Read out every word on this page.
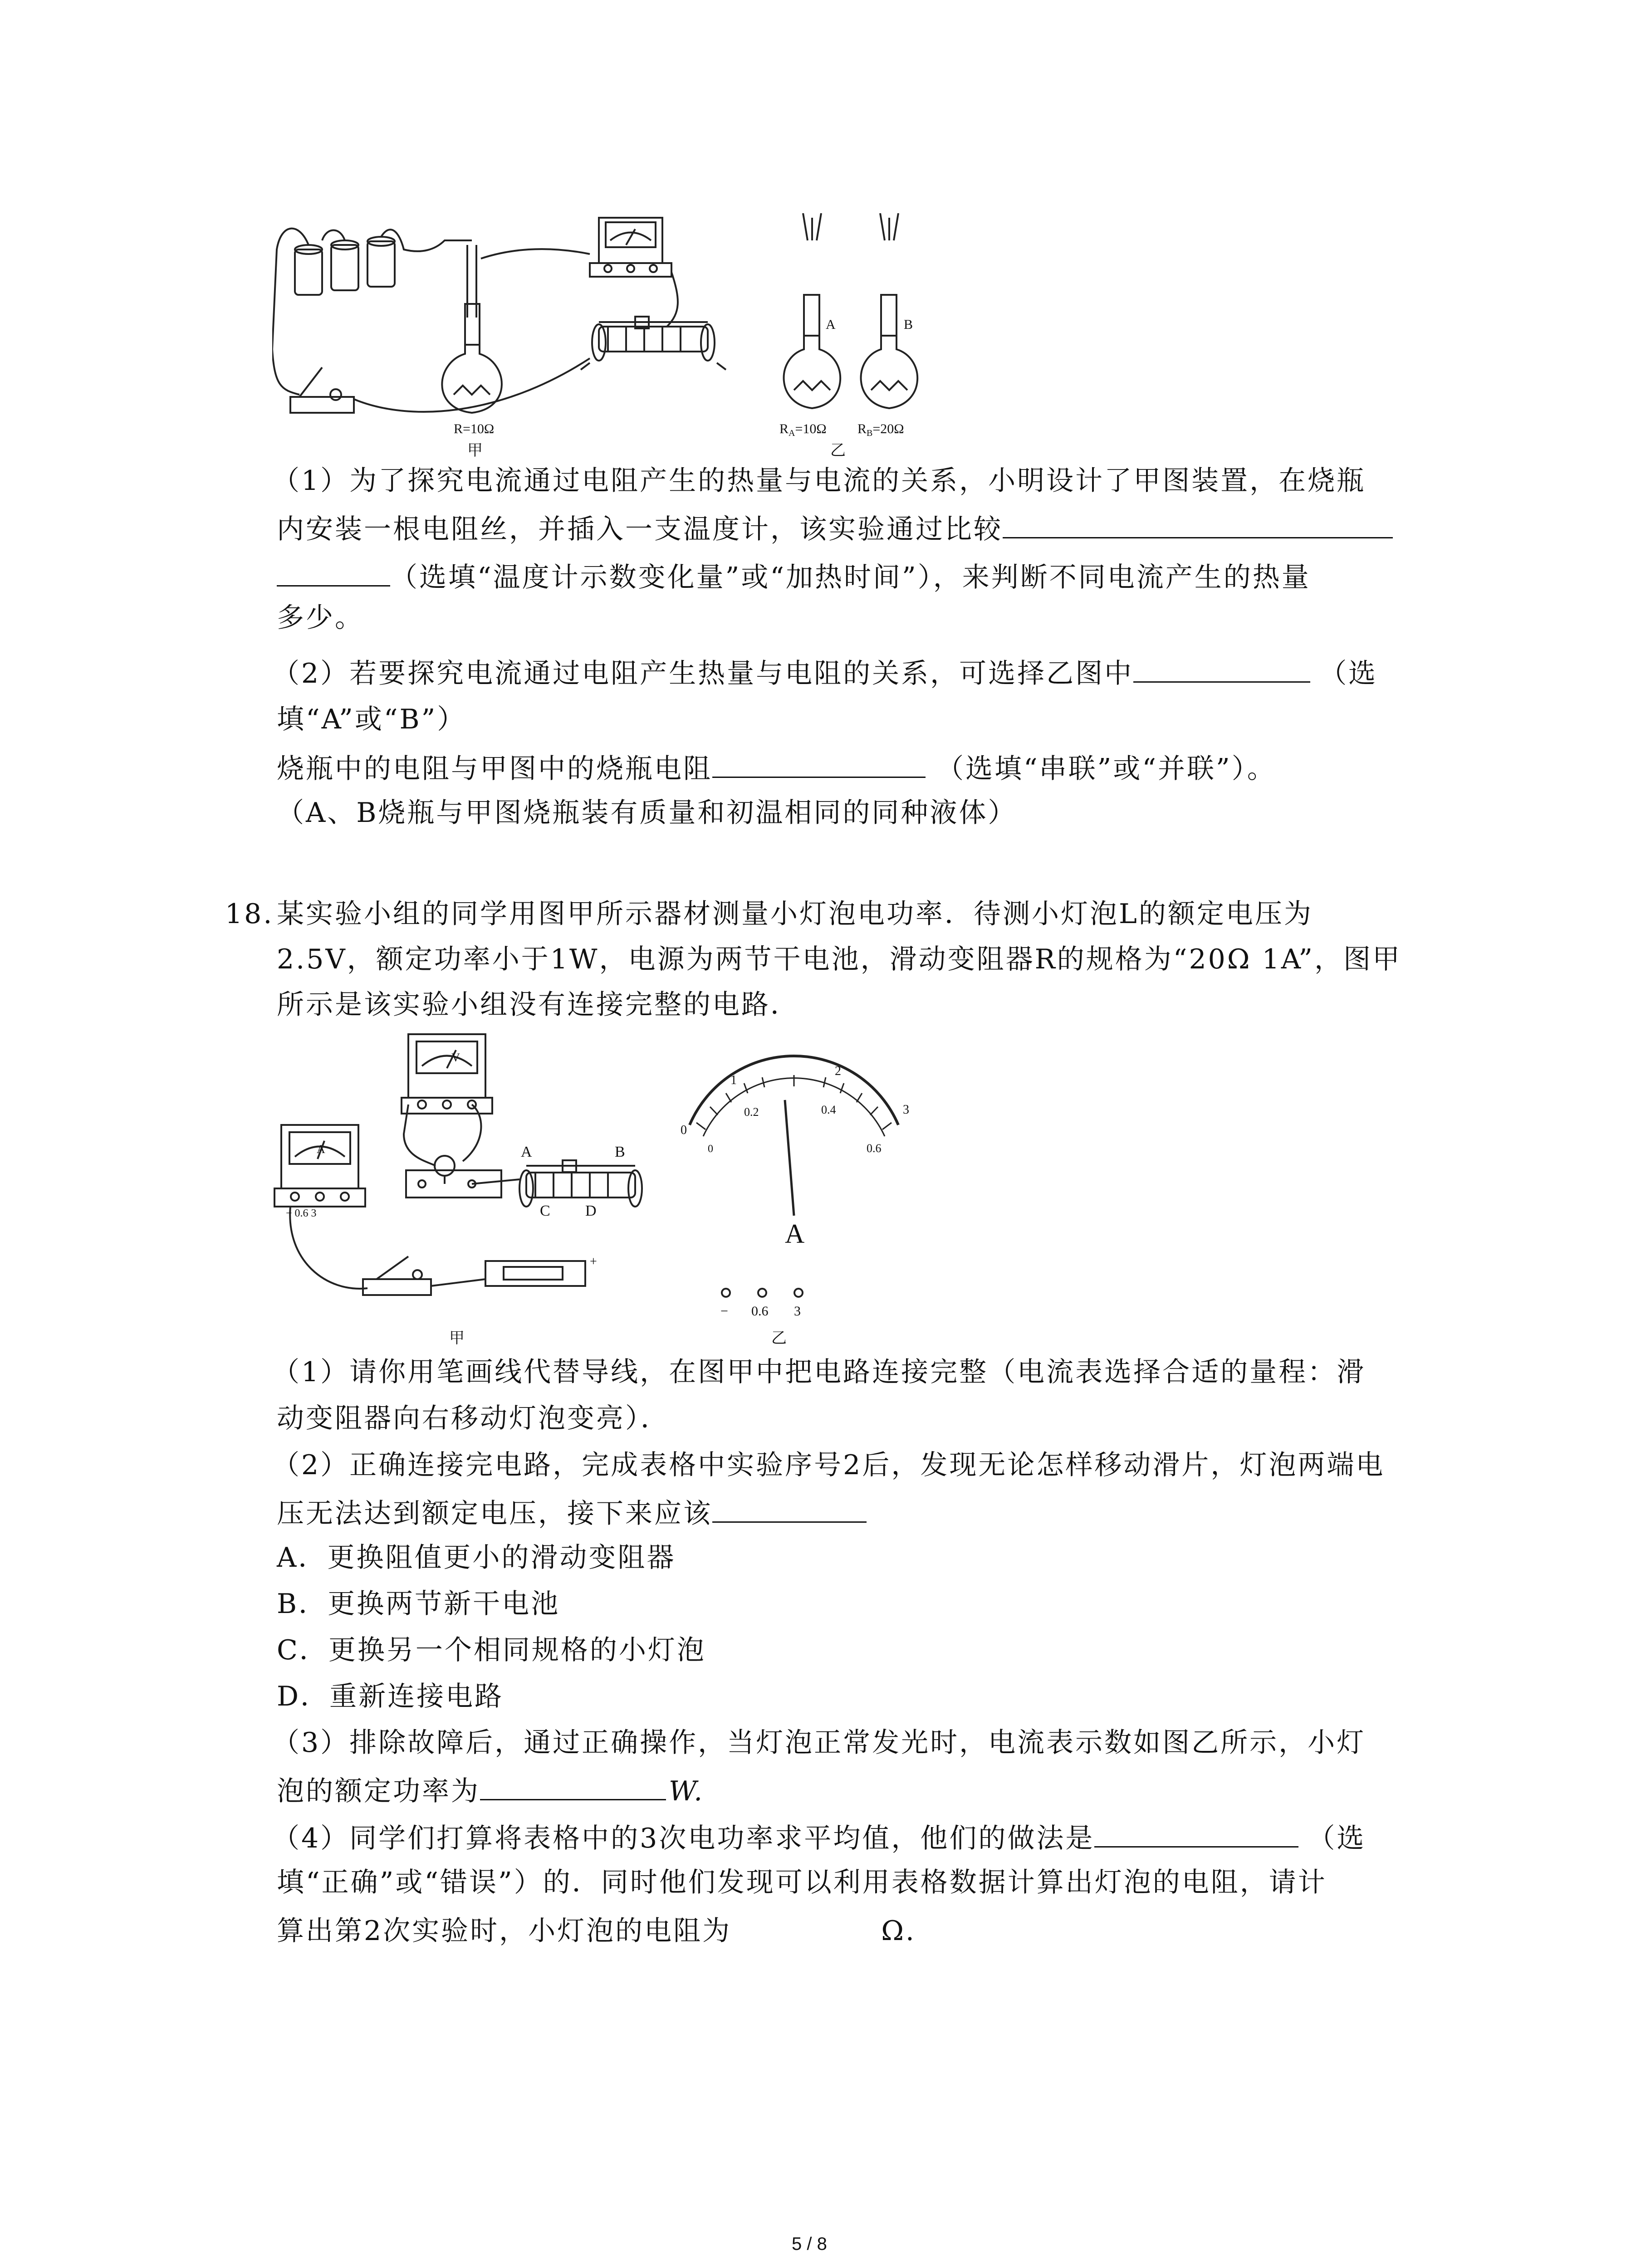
R=10Ω
A	B
$R_A=10\Omega$ $R_B=20\Omega$
甲	乙
（1）为了探究电流通过电阻产生的热量与电流的关系，小明设计了甲图装置，在烧瓶
内安装一根电阻丝，并插入一支温度计，该实验通过比较
（选填“温度计示数变化量”或“加热时间”），来判断不同电流产生的热量
多少。
（2）若要探究电流通过电阻产生热量与电阻的关系，可选择乙图中	（选
填“A”或“B”）
烧瓶中的电阻与甲图中的烧瓶电阻	（选填“串联”或“并联”）。
（A、B烧瓶与甲图烧瓶装有质量和初温相同的同种液体）
18. 某实验小组的同学用图甲所示器材测量小灯泡电功率．待测小灯泡L的额定电压为
2.5V，额定功率小于1W，电源为两节干电池，滑动变阻器R的规格为“20Ω 1A”，图甲
所示是该实验小组没有连接完整的电路．
V
A
− 0.6 3
A	B
C D
+
0
1
2
3
0
0.2	0.4
0.6
A
− 0.6 3
甲	乙
（1）请你用笔画线代替导线，在图甲中把电路连接完整（电流表选择合适的量程：滑
动变阻器向右移动灯泡变亮）．
（2）正确连接完电路，完成表格中实验序号2后，发现无论怎样移动滑片，灯泡两端电
压无法达到额定电压，接下来应该
A．更换阻值更小的滑动变阻器
B．更换两节新干电池
C．更换另一个相同规格的小灯泡
D．重新连接电路
（3）排除故障后，通过正确操作，当灯泡正常发光时，电流表示数如图乙所示，小灯
泡的额定功率为	W.
（4）同学们打算将表格中的3次电功率求平均值，他们的做法是	（选
填“正确”或“错误”）的．同时他们发现可以利用表格数据计算出灯泡的电阻，请计
算出第2次实验时，小灯泡的电阻为	Ω.
5 / 8
